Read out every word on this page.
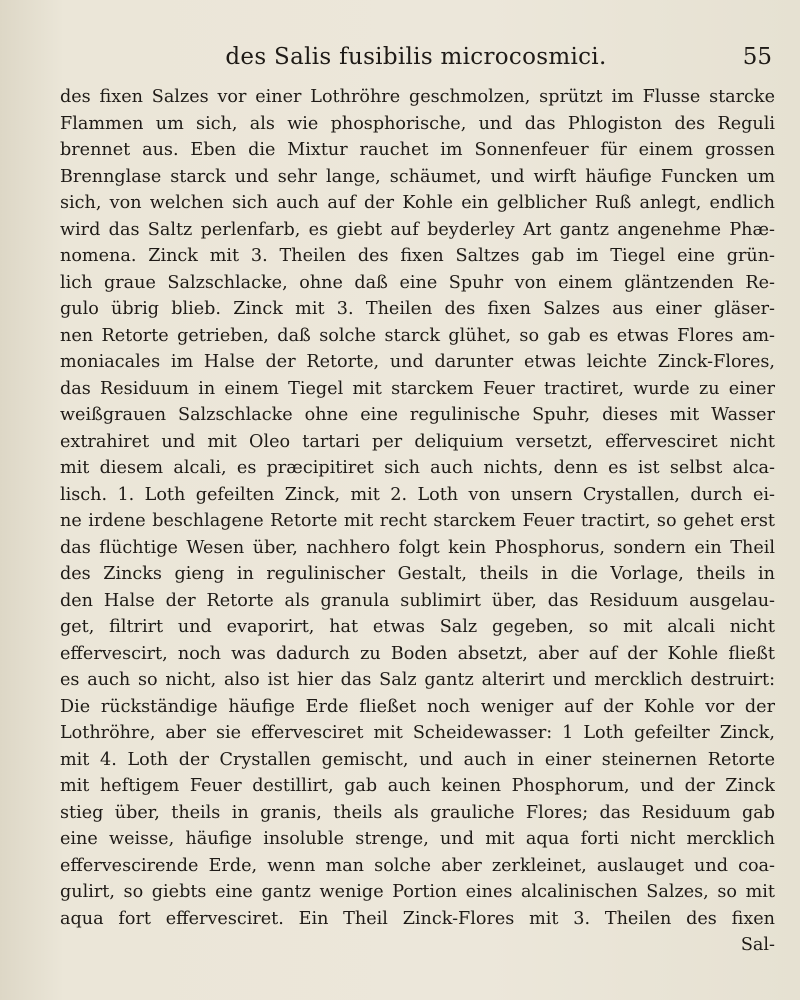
des Salis fusibilis microcosmici.	55
des fixen Salzes vor einer Lothröhre geschmolzen, sprützt im Flusse starcke
Flammen um sich, als wie phosphorische, und das Phlogiston des Reguli
brennet aus. Eben die Mixtur rauchet im Sonnenfeuer für einem grossen
Brennglase starck und sehr lange, schäumet, und wirft häufige Funcken um
sich, von welchen sich auch auf der Kohle ein gelblicher Ruß anlegt, endlich
wird das Saltz perlenfarb, es giebt auf beyderley Art gantz angenehme Phæ-
nomena. Zinck mit 3. Theilen des fixen Saltzes gab im Tiegel eine grün-
lich graue Salzschlacke, ohne daß eine Spuhr von einem gläntzenden Re-
gulo übrig blieb. Zinck mit 3. Theilen des fixen Salzes aus einer gläser-
nen Retorte getrieben, daß solche starck glühet, so gab es etwas Flores am-
moniacales im Halse der Retorte, und darunter etwas leichte Zinck-Flores,
das Residuum in einem Tiegel mit starckem Feuer tractiret, wurde zu einer
weißgrauen Salzschlacke ohne eine regulinische Spuhr, dieses mit Wasser
extrahiret und mit Oleo tartari per deliquium versetzt, effervesciret nicht
mit diesem alcali, es præcipitiret sich auch nichts, denn es ist selbst alca-
lisch. 1. Loth gefeilten Zinck, mit 2. Loth von unsern Crystallen, durch ei-
ne irdene beschlagene Retorte mit recht starckem Feuer tractirt, so gehet erst
das flüchtige Wesen über, nachhero folgt kein Phosphorus, sondern ein Theil
des Zincks gieng in regulinischer Gestalt, theils in die Vorlage, theils in
den Halse der Retorte als granula sublimirt über, das Residuum ausgelau-
get, filtrirt und evaporirt, hat etwas Salz gegeben, so mit alcali nicht
effervescirt, noch was dadurch zu Boden absetzt, aber auf der Kohle fließt
es auch so nicht, also ist hier das Salz gantz alterirt und mercklich destruirt:
Die rückständige häufige Erde fließet noch weniger auf der Kohle vor der
Lothröhre, aber sie effervesciret mit Scheidewasser: 1 Loth gefeilter Zinck,
mit 4. Loth der Crystallen gemischt, und auch in einer steinernen Retorte
mit heftigem Feuer destillirt, gab auch keinen Phosphorum, und der Zinck
stieg über, theils in granis, theils als grauliche Flores; das Residuum gab
eine weisse, häufige insoluble strenge, und mit aqua forti nicht mercklich
effervescirende Erde, wenn man solche aber zerkleinet, auslauget und coa-
gulirt, so giebts eine gantz wenige Portion eines alcalinischen Salzes, so mit
aqua fort effervesciret. Ein Theil Zinck-Flores mit 3. Theilen des fixen
Sal-
